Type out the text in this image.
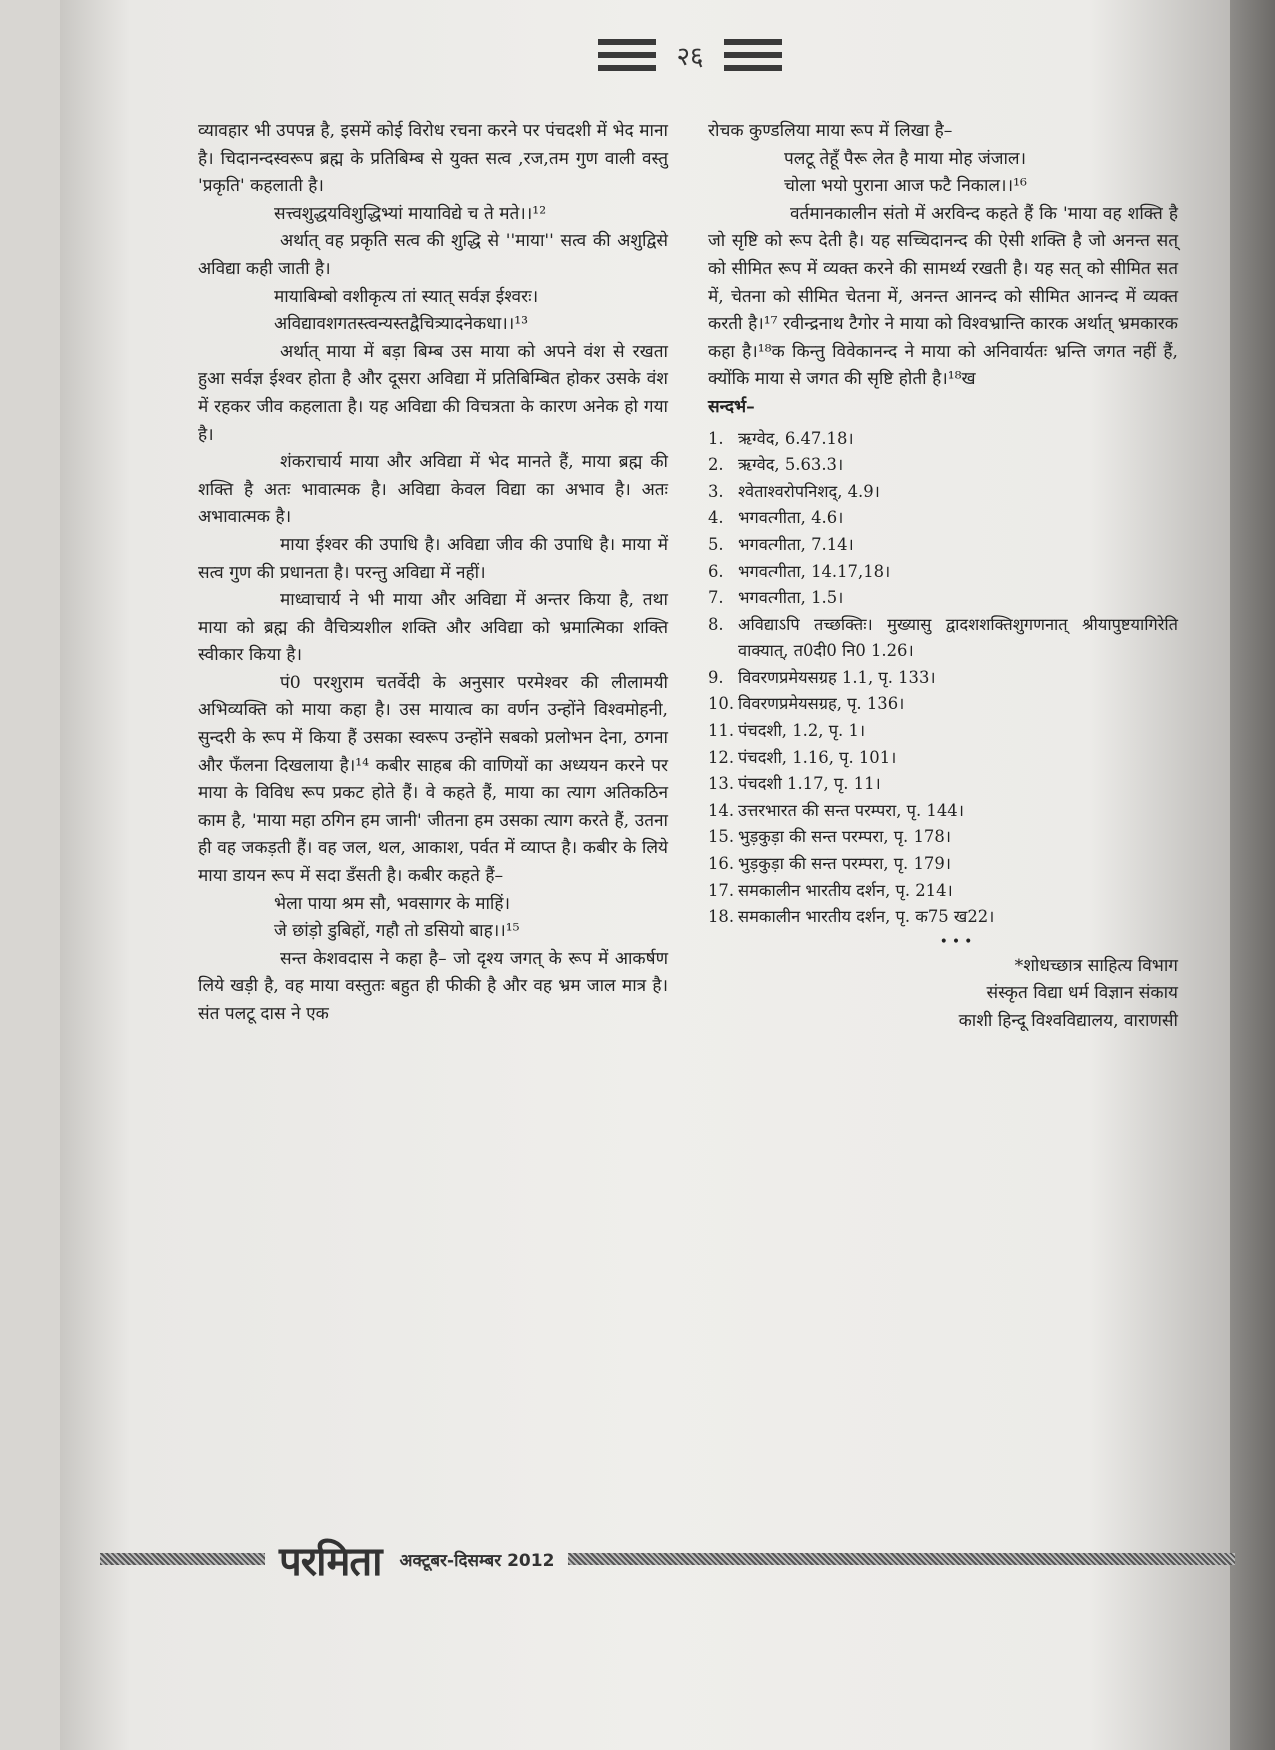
२६

व्यावहार भी उपपन्न है, इसमें कोई विरोध रचना करने पर पंचदशी में भेद माना है। चिदानन्दस्वरूप ब्रह्म के प्रतिबिम्ब से युक्त सत्व ,रज,तम गुण वाली वस्तु 'प्रकृति' कहलाती है।

सत्त्वशुद्धयविशुद्धिभ्यां मायाविद्ये च ते मते।।¹²

अर्थात् वह प्रकृति सत्व की शुद्धि से ''माया'' सत्व की अशुद्विसे अविद्या कही जाती है।

मायाबिम्बो वशीकृत्य तां स्यात् सर्वज्ञ ईश्वरः।

अविद्यावशगतस्त्वन्यस्तद्वैचित्र्यादनेकधा।।¹³

अर्थात् माया में बड़ा बिम्ब उस माया को अपने वंश से रखता हुआ सर्वज्ञ ईश्वर होता है और दूसरा अविद्या में प्रतिबिम्बित होकर उसके वंश में रहकर जीव कहलाता है। यह अविद्या की विचत्रता के कारण अनेक हो गया है।

शंकराचार्य माया और अविद्या में भेद मानते हैं, माया ब्रह्म की शक्ति है अतः भावात्मक है। अविद्या केवल विद्या का अभाव है। अतः अभावात्मक है।

माया ईश्वर की उपाधि है। अविद्या जीव की उपाधि है। माया में सत्व गुण की प्रधानता है। परन्तु अविद्या में नहीं।

माध्वाचार्य ने भी माया और अविद्या में अन्तर किया है, तथा माया को ब्रह्म की वैचित्र्यशील शक्ति और अविद्या को भ्रमात्मिका शक्ति स्वीकार किया है।

पं0 परशुराम चतर्वेदी के अनुसार परमेश्वर की लीलामयी अभिव्यक्ति को माया कहा है। उस मायात्व का वर्णन उन्होंने विश्वमोहनी, सुन्दरी के रूप में किया हैं उसका स्वरूप उन्होंने सबको प्रलोभन देना, ठगना और फँलना दिखलाया है।¹⁴ कबीर साहब की वाणियों का अध्ययन करने पर माया के विविध रूप प्रकट होते हैं। वे कहते हैं, माया का त्याग अतिकठिन काम है, 'माया महा ठगिन हम जानी' जीतना हम उसका त्याग करते हैं, उतना ही वह जकड़ती हैं। वह जल, थल, आकाश, पर्वत में व्याप्त है। कबीर के लिये माया डायन रूप में सदा डँसती है। कबीर कहते हैं–

भेला पाया श्रम सौ, भवसागर के माहिं।

जे छांड़ो डुबिहों, गहौ तो डसियो बाह।।¹⁵

सन्त केशवदास ने कहा है– जो दृश्य जगत् के रूप में आकर्षण लिये खड़ी है, वह माया वस्तुतः बहुत ही फीकी है और वह भ्रम जाल मात्र है। संत पलटू दास ने एक

रोचक कुण्डलिया माया रूप में लिखा है–

पलटू तेहूँ पैरू लेत है माया मोह जंजाल।

चोला भयो पुराना आज फटै निकाल।।¹⁶

वर्तमानकालीन संतो में अरविन्द कहते हैं कि 'माया वह शक्ति है जो सृष्टि को रूप देती है। यह सच्चिदानन्द की ऐसी शक्ति है जो अनन्त सत् को सीमित रूप में व्यक्त करने की सामर्थ्य रखती है। यह सत् को सीमित सत में, चेतना को सीमित चेतना में, अनन्त आनन्द को सीमित आनन्द में व्यक्त करती है।¹⁷ रवीन्द्रनाथ टैगोर ने माया को विश्वभ्रान्ति कारक अर्थात् भ्रमकारक कहा है।¹⁸क किन्तु विवेकानन्द ने माया को अनिवार्यतः भ्रन्ति जगत नहीं हैं, क्योंकि माया से जगत की सृष्टि होती है।¹⁸ख

सन्दर्भ–

1. ऋग्वेद, 6.47.18।
2. ऋग्वेद, 5.63.3।
3. श्वेताश्वरोपनिशद्, 4.9।
4. भगवत्गीता, 4.6।
5. भगवत्गीता, 7.14।
6. भगवत्गीता, 14.17,18।
7. भगवत्गीता, 1.5।
8. अविद्याऽपि तच्छक्तिः। मुख्यासु द्वादशशक्तिशुगणनात् श्रीयापुष्टयागिरेति वाक्यात्, त0दी0 नि0 1.26।
9. विवरणप्रमेयसग्रह 1.1, पृ. 133।
10. विवरणप्रमेयसग्रह, पृ. 136।
11. पंचदशी, 1.2, पृ. 1।
12. पंचदशी, 1.16, पृ. 101।
13. पंचदशी 1.17, पृ. 11।
14. उत्तरभारत की सन्त परम्परा, पृ. 144।
15. भुड़कुड़ा की सन्त परम्परा, पृ. 178।
16. भुड़कुड़ा की सन्त परम्परा, पृ. 179।
17. समकालीन भारतीय दर्शन, पृ. 214।
18. समकालीन भारतीय दर्शन, पृ. क75 ख22।
•••

*शोधच्छात्र साहित्य विभाग

संस्कृत विद्या धर्म विज्ञान संकाय

काशी हिन्दू विश्वविद्यालय, वाराणसी

परमिता अक्टूबर-दिसम्बर 2012
